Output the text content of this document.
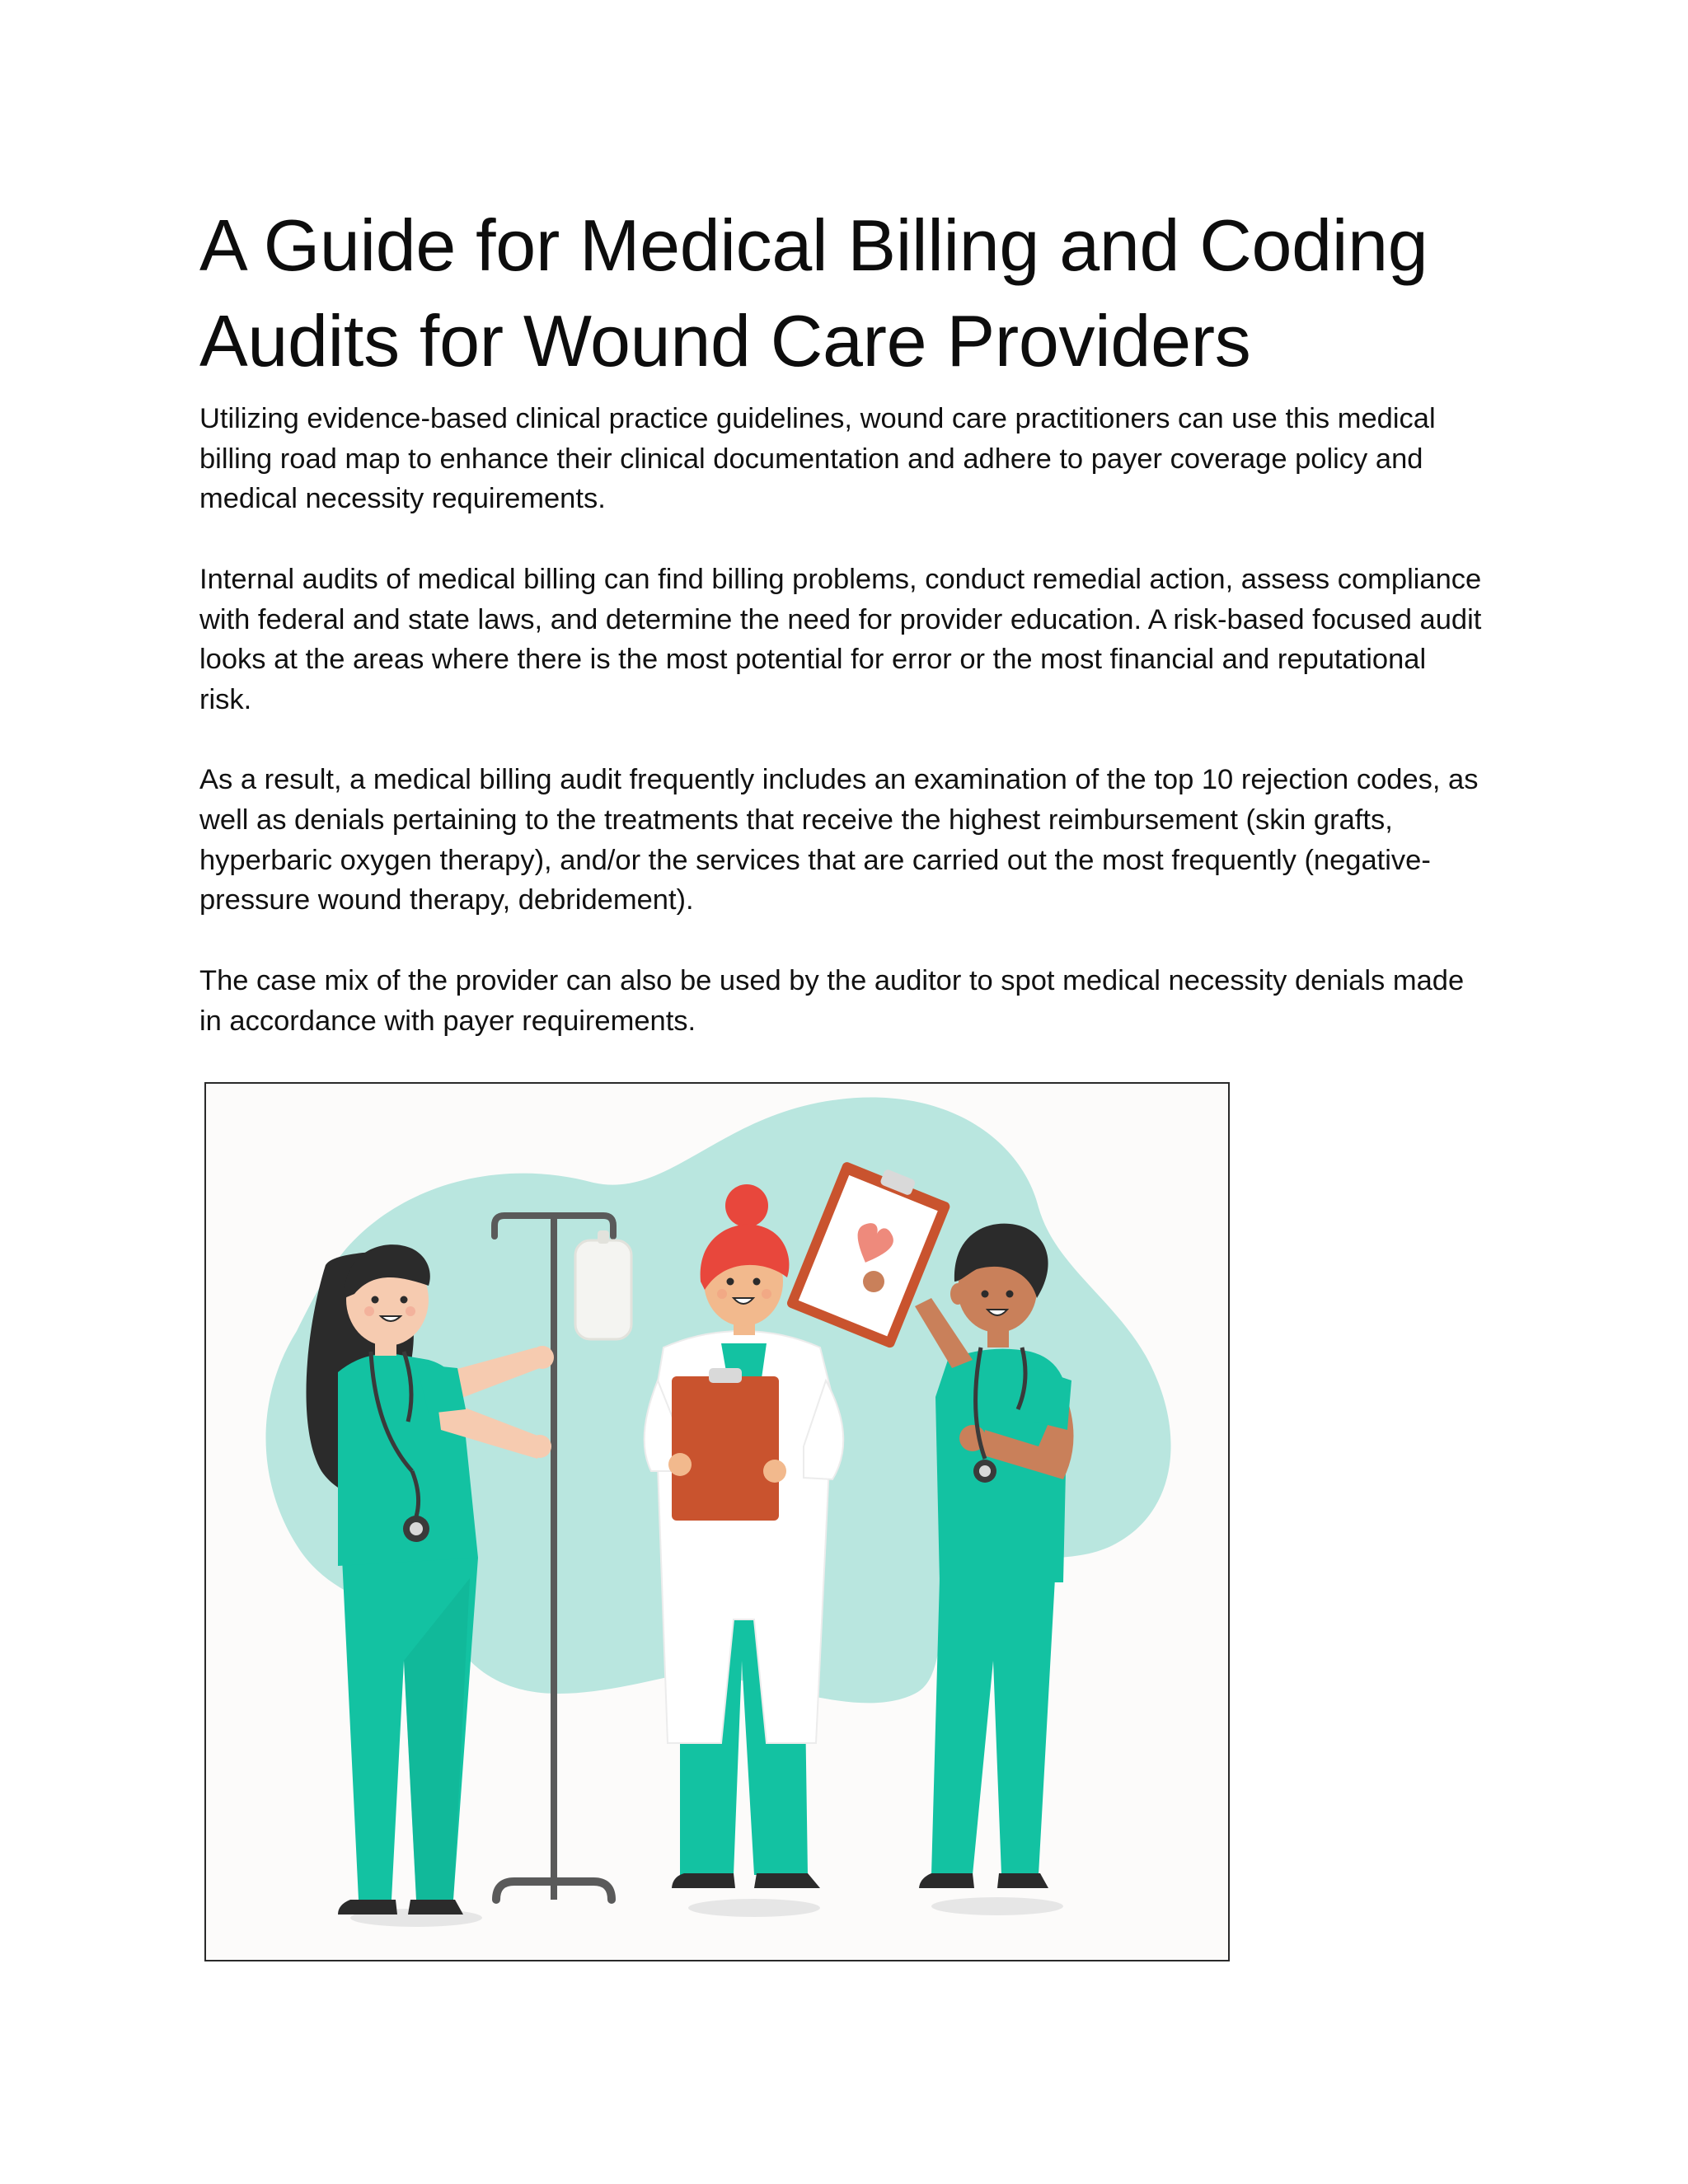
A Guide for Medical Billing and Coding Audits for Wound Care Providers

Utilizing evidence-based clinical practice guidelines, wound care practitioners can use this medical billing road map to enhance their clinical documentation and adhere to payer coverage policy and medical necessity requirements.

Internal audits of medical billing can find billing problems, conduct remedial action, assess compliance with federal and state laws, and determine the need for provider education. A risk-based focused audit looks at the areas where there is the most potential for error or the most financial and reputational risk.

As a result, a medical billing audit frequently includes an examination of the top 10 rejection codes, as well as denials pertaining to the treatments that receive the highest reimbursement (skin grafts, hyperbaric oxygen therapy), and/or the services that are carried out the most frequently (negative-pressure wound therapy, debridement).

The case mix of the provider can also be used by the auditor to spot medical necessity denials made in accordance with payer requirements.
